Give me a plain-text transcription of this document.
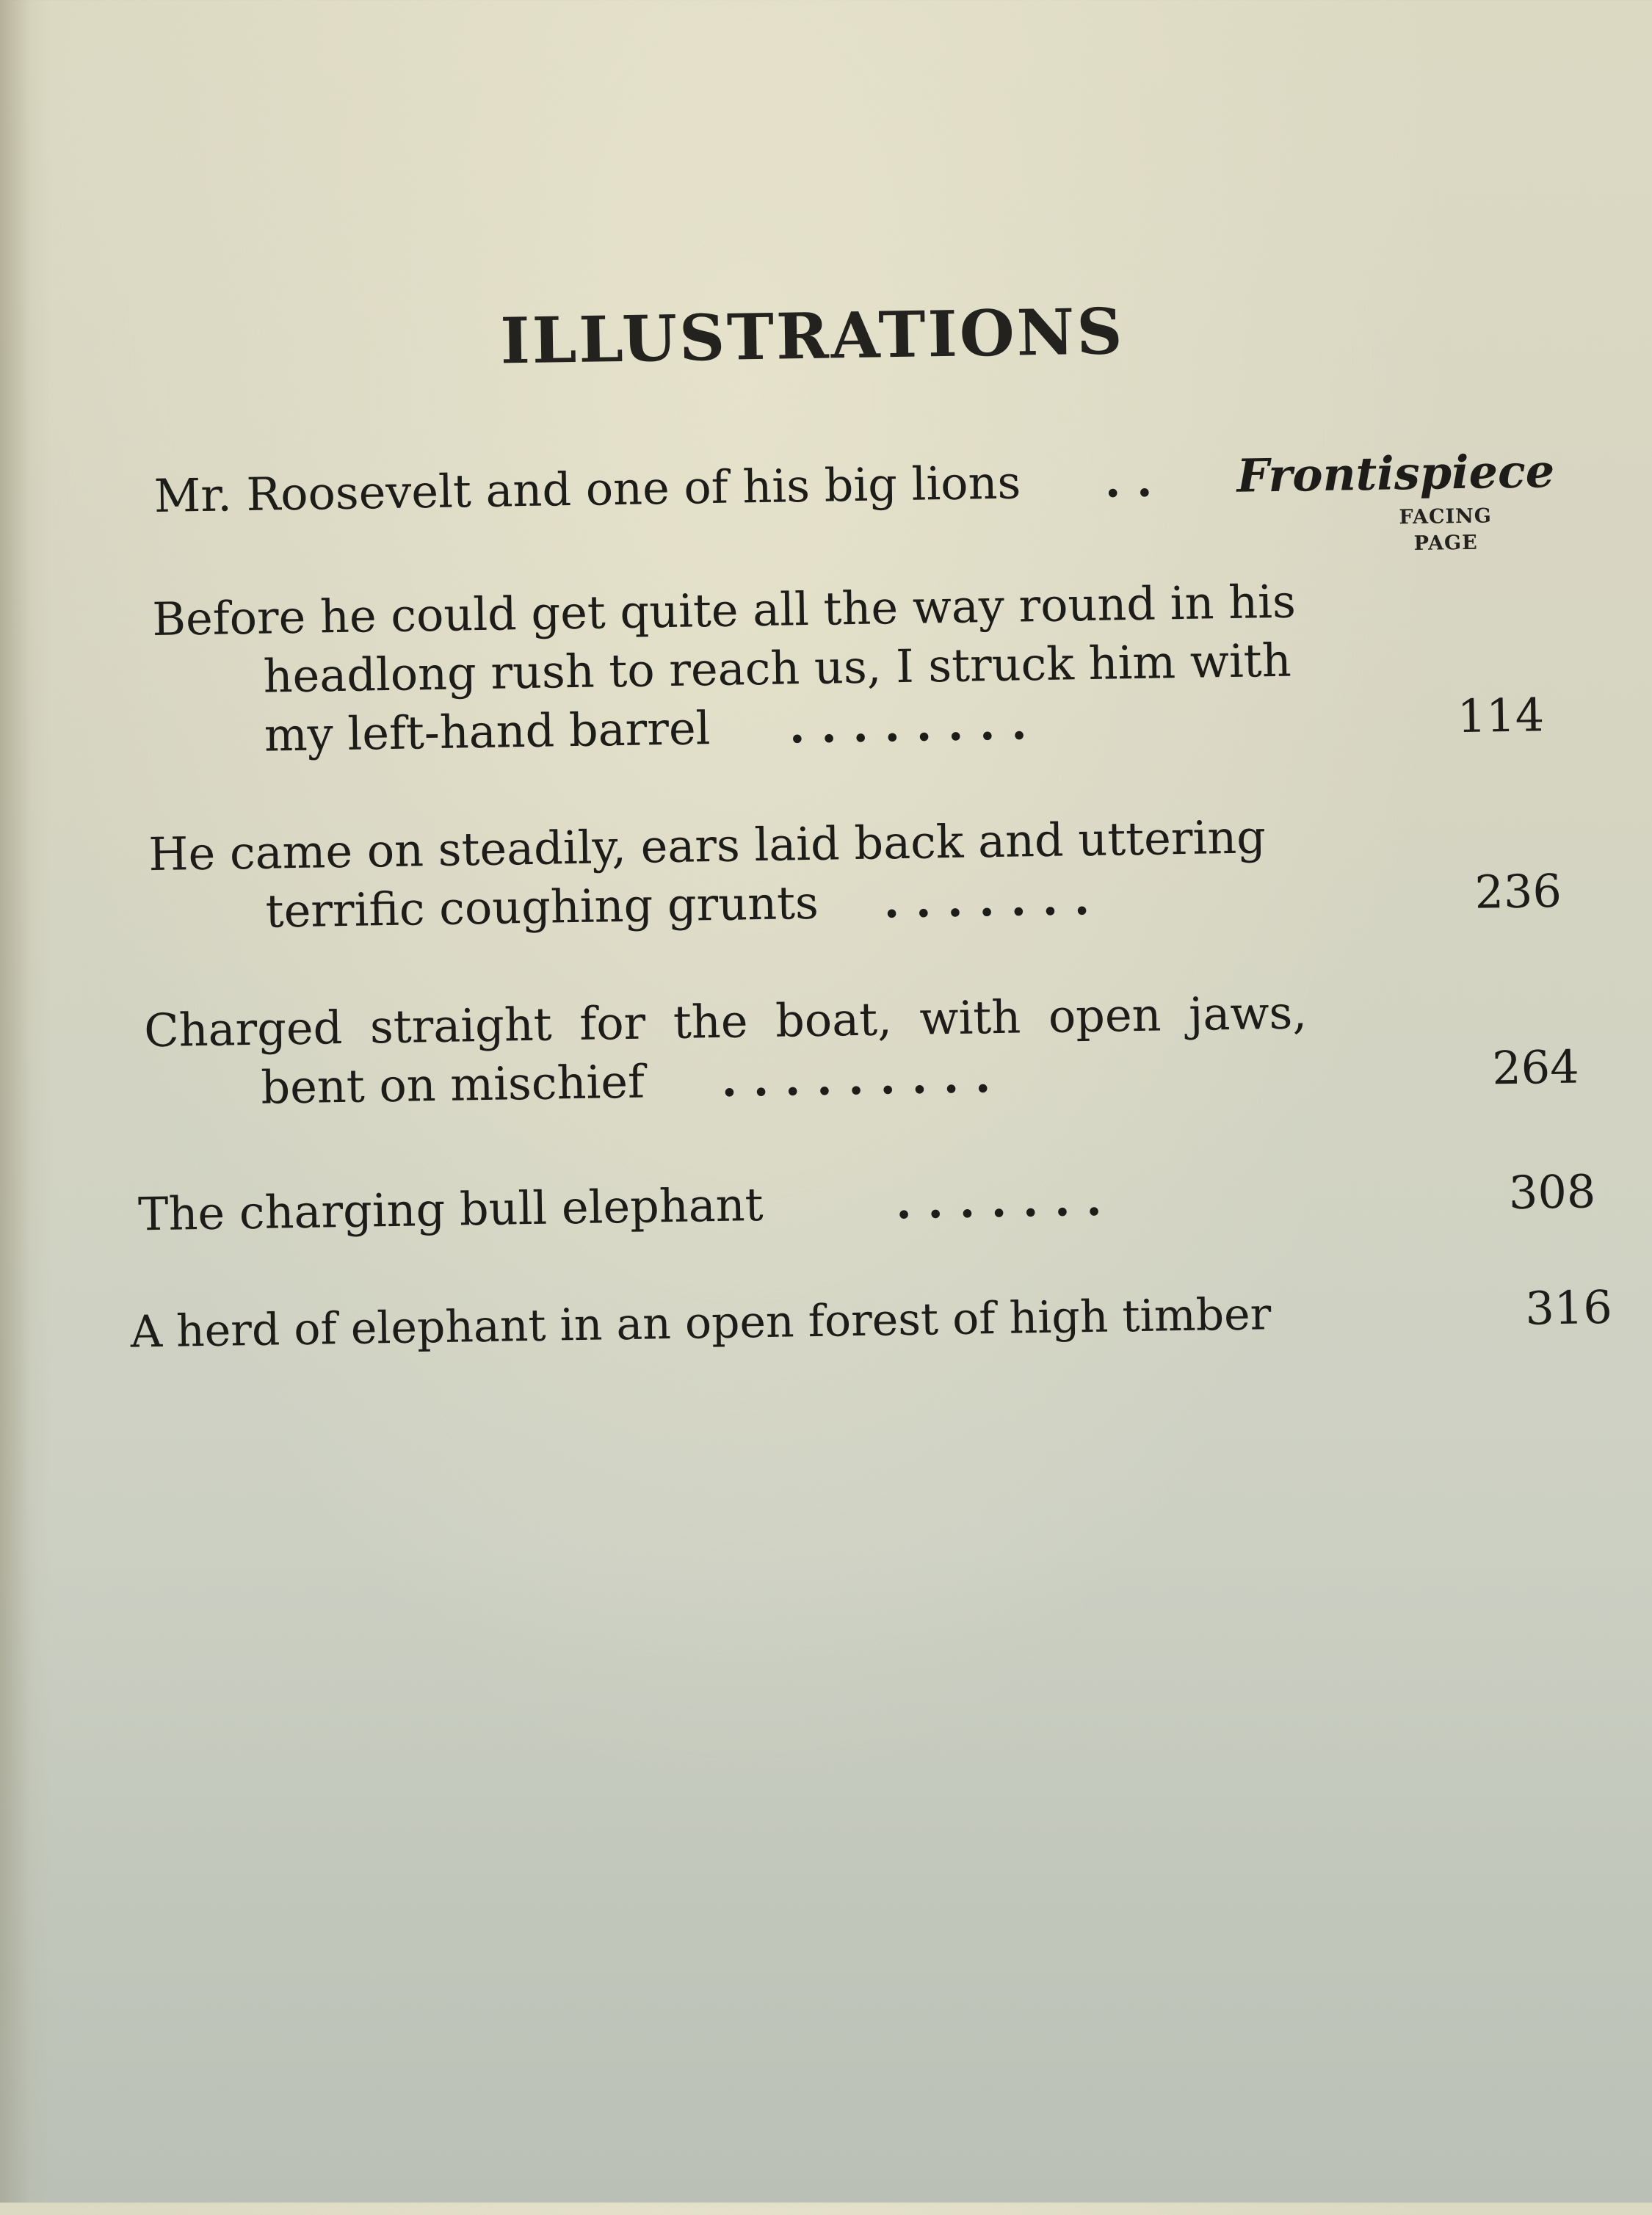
ILLUSTRATIONS
FACING
PAGE
Mr. Roosevelt and one of his big lions . . Frontispiece
Before he could get quite all the way round in his
headlong rush to reach us, I struck him with
my left-hand barrel . . . . . . . .	114
He came on steadily, ears laid back and uttering
terrific coughing grunts . . . . . . .	236
Charged straight for the boat, with open jaws,
bent on mischief . . . . . . . . .	264
The charging bull elephant	. . . . . . .	308
A herd of elephant in an open forest of high timber	316
